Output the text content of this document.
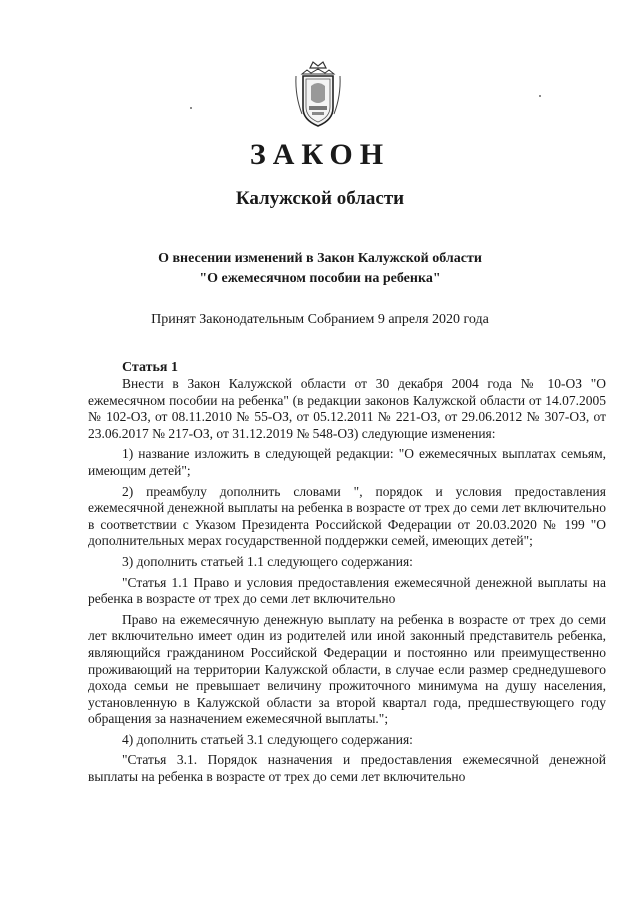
ЗАКОН
Калужской области
О внесении изменений в Закон Калужской области
"О ежемесячном пособии на ребенка"
Принят Законодательным Собранием 9 апреля 2020 года
Статья 1

Внести в Закон Калужской области от 30 декабря 2004 года № 10-ОЗ "О ежемесячном пособии на ребенка" (в редакции законов Калужской области от 14.07.2005 № 102-ОЗ, от 08.11.2010 № 55-ОЗ, от 05.12.2011 № 221-ОЗ, от 29.06.2012 № 307-ОЗ, от 23.06.2017 № 217-ОЗ, от 31.12.2019 № 548-ОЗ) следующие изменения:

1) название изложить в следующей редакции: "О ежемесячных выплатах семьям, имеющим детей";

2) преамбулу дополнить словами ", порядок и условия предоставления ежемесячной денежной выплаты на ребенка в возрасте от трех до семи лет включительно в соответствии с Указом Президента Российской Федерации от 20.03.2020 № 199 "О дополнительных мерах государственной поддержки семей, имеющих детей";

3) дополнить статьей 1.1 следующего содержания:

"Статья 1.1 Право и условия предоставления ежемесячной денежной выплаты на ребенка в возрасте от трех до семи лет включительно

Право на ежемесячную денежную выплату на ребенка в возрасте от трех до семи лет включительно имеет один из родителей или иной законный представитель ребенка, являющийся гражданином Российской Федерации и постоянно или преимущественно проживающий на территории Калужской области, в случае если размер среднедушевого дохода семьи не превышает величину прожиточного минимума на душу населения, установленную в Калужской области за второй квартал года, предшествующего году обращения за назначением ежемесячной выплаты.";

4) дополнить статьей 3.1 следующего содержания:

"Статья 3.1. Порядок назначения и предоставления ежемесячной денежной выплаты на ребенка в возрасте от трех до семи лет включительно
